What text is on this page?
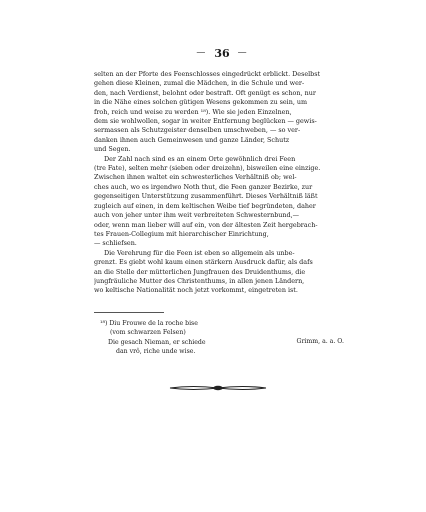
— 36 —
selten an der Pforte des Feenschlosses eingedrückt erblickt. Deselbst
gehen diese Kleinen, zumal die Mädchen, in die Schule und wer-
den, nach Verdienst, belohnt oder bestraft. Oft genügt es schon, nur
in die Nähe eines solchen gütigen Wesens gekommen zu sein, um
froh, reich und weise zu werden ¹⁸). Wie sie jeden Einzelnen,
dem sie wohlwollen, sogar in weiter Entfernung beglücken — gewis-
sermassen als Schutzgeister denselben umschweben, — so ver-
danken ihnen auch Gemeinwesen und ganze Länder, Schutz
und Segen.
Der Zahl nach sind es an einem Orte gewöhnlich drei Feen
(tre Fate), selten mehr (sieben oder dreizehn), bisweilen eine einzige.
Zwischen ihnen waltet ein schwesterliches Verhältniß ob; wel-
ches auch, wo es irgendwo Noth thut, die Feen ganzer Bezirke, zur
gegenseitigen Unterstützung zusammenführt. Dieses Verhältniß läßt
zugleich auf einen, in dem keltischen Weibe tief begründeten, daher
auch von jeher unter ihm weit verbreiteten Schwesternbund,—
oder, wenn man lieber will auf ein, von der ältesten Zeit hergebrach-
tes Frauen-Collegium mit hierarchischer Einrichtung,
— schliefsen.
Die Verehrung für die Feen ist eben so allgemein als unbe-
grenzt. Es giebt wohl kaum einen stärkern Ausdruck dafür, als dafs
an die Stelle der mütterlichen Jungfrauen des Druidenthums, die
jungfräuliche Mutter des Christenthums, in allen jenen Ländern,
wo keltische Nationalität noch jetzt vorkommt, eingetreten ist.
¹⁸) Diu Frouwe de la roche bise
(vom schwarzen Felsen)
Die gesach Nieman, er schiede
dan vrô, riche unde wise.
Grimm, a. a. O.
